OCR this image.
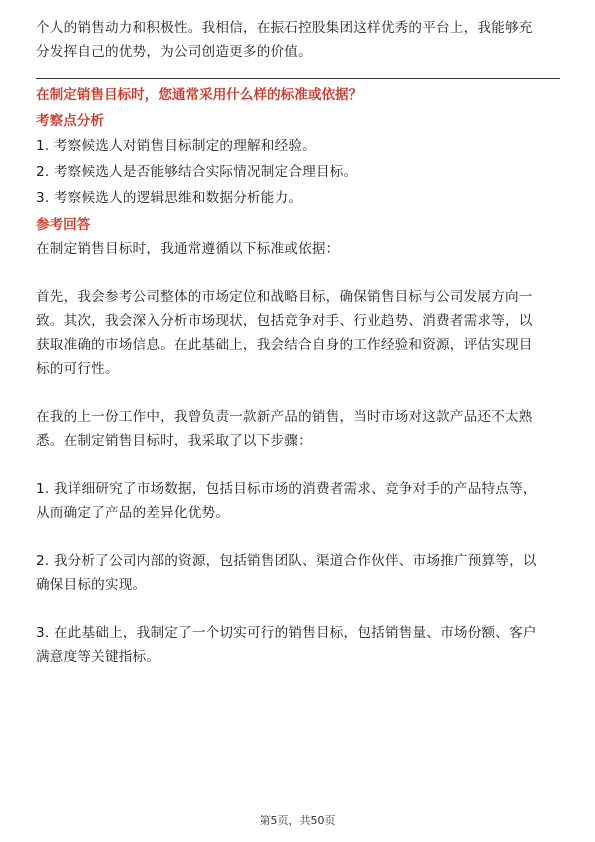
个人的销售动力和积极性。我相信，在振石控股集团这样优秀的平台上，我能够充

分发挥自己的优势，为公司创造更多的价值。

在制定销售目标时，您通常采用什么样的标准或依据？
考察点分析

1. 考察候选人对销售目标制定的理解和经验。

2. 考察候选人是否能够结合实际情况制定合理目标。

3. 考察候选人的逻辑思维和数据分析能力。

参考回答

在制定销售目标时，我通常遵循以下标准或依据：

首先，我会参考公司整体的市场定位和战略目标，确保销售目标与公司发展方向一

致。其次，我会深入分析市场现状，包括竞争对手、行业趋势、消费者需求等，以

获取准确的市场信息。在此基础上，我会结合自身的工作经验和资源，评估实现目

标的可行性。

在我的上一份工作中，我曾负责一款新产品的销售，当时市场对这款产品还不太熟

悉。在制定销售目标时，我采取了以下步骤：

1. 我详细研究了市场数据，包括目标市场的消费者需求、竞争对手的产品特点等，

从而确定了产品的差异化优势。

2. 我分析了公司内部的资源，包括销售团队、渠道合作伙伴、市场推广预算等，以

确保目标的实现。

3. 在此基础上，我制定了一个切实可行的销售目标，包括销售量、市场份额、客户

满意度等关键指标。

第5页，共50页
